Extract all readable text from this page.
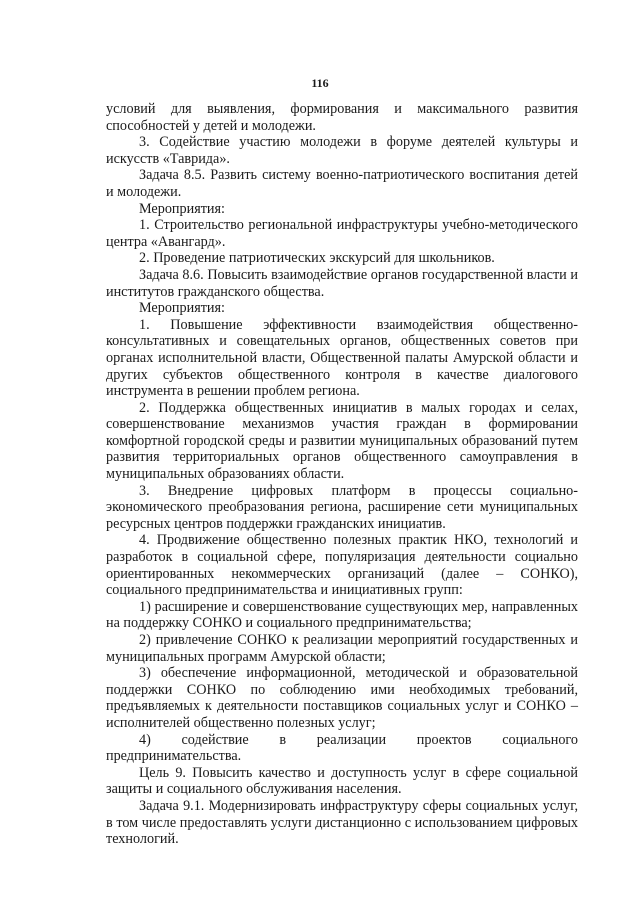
116

условий для выявления, формирования и максимального развития способностей у детей и молодежи.

3. Содействие участию молодежи в форуме деятелей культуры и искусств «Таврида».

Задача 8.5. Развить систему военно-патриотического воспитания детей и молодежи.

Мероприятия:

1. Строительство региональной инфраструктуры учебно-методического центра «Авангард».

2. Проведение патриотических экскурсий для школьников.

Задача 8.6. Повысить взаимодействие органов государственной власти и институтов гражданского общества.

Мероприятия:

1. Повышение эффективности взаимодействия общественно-консультативных и совещательных органов, общественных советов при органах исполнительной власти, Общественной палаты Амурской области и других субъектов общественного контроля в качестве диалогового инструмента в решении проблем региона.

2. Поддержка общественных инициатив в малых городах и селах, совершенствование механизмов участия граждан в формировании комфортной городской среды и развитии муниципальных образований путем развития территориальных органов общественного самоуправления в муниципальных образованиях области.

3. Внедрение цифровых платформ в процессы социально-экономического преобразования региона, расширение сети муниципальных ресурсных центров поддержки гражданских инициатив.

4. Продвижение общественно полезных практик НКО, технологий и разработок в социальной сфере, популяризация деятельности социально ориентированных некоммерческих организаций (далее – СОНКО), социального предпринимательства и инициативных групп:

1) расширение и совершенствование существующих мер, направленных на поддержку СОНКО и социального предпринимательства;

2) привлечение СОНКО к реализации мероприятий государственных и муниципальных программ Амурской области;

3) обеспечение информационной, методической и образовательной поддержки СОНКО по соблюдению ими необходимых требований, предъявляемых к деятельности поставщиков социальных услуг и СОНКО – исполнителей общественно полезных услуг;

4) содействие в реализации проектов социального предпринимательства.

Цель 9. Повысить качество и доступность услуг в сфере социальной защиты и социального обслуживания населения.

Задача 9.1. Модернизировать инфраструктуру сферы социальных услуг, в том числе предоставлять услуги дистанционно с использованием цифровых технологий.
